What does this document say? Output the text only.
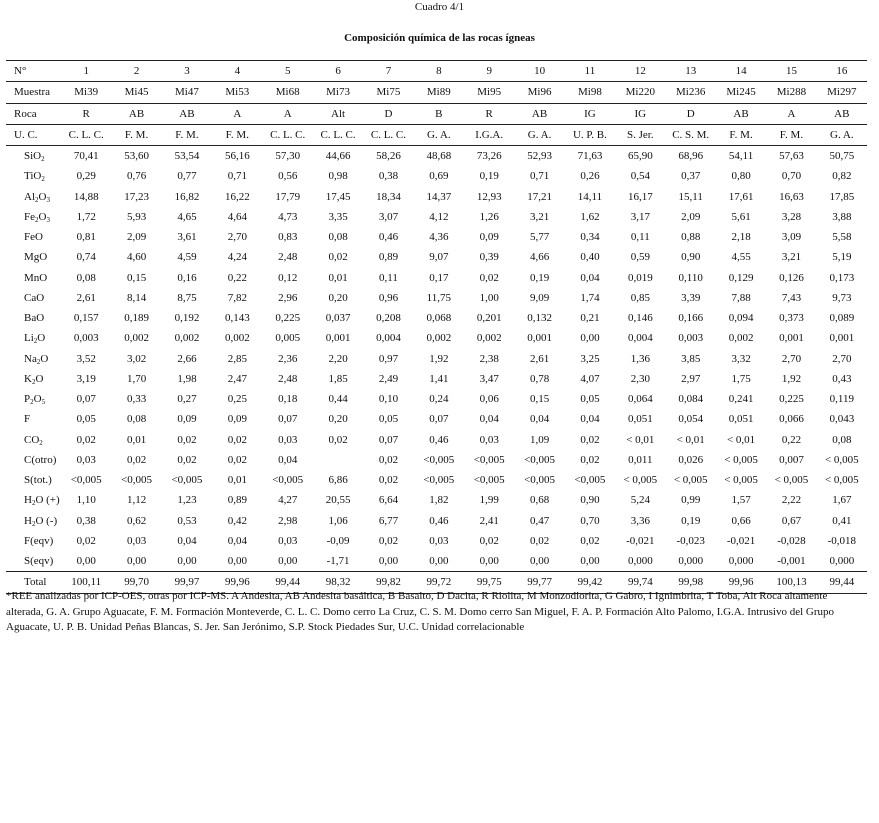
Cuadro 4/1
Composición química de las rocas ígneas
N°	1	2	3	4	5	6	7	8	9	10	11	12	13	14	15	16
Muestra	Mi39	Mi45	Mi47	Mi53	Mi68	Mi73	Mi75	Mi89	Mi95	Mi96	Mi98	Mi220	Mi236	Mi245	Mi288	Mi297
Roca	R	AB	AB	A	A	Alt	D	B	R	AB	IG	IG	D	AB	A	AB
U. C.	C. L. C.	F. M.	F. M.	F. M.	C. L. C.	C. L. C.	C. L. C.	G. A.	I.G.A.	G. A.	U. P. B.	S. Jer.	C. S. M.	F. M.	F. M.	G. A.
SiO$_2$	70,41	53,60	53,54	56,16	57,30	44,66	58,26	48,68	73,26	52,93	71,63	65,90	68,96	54,11	57,63	50,75
TiO$_2$	0,29	0,76	0,77	0,71	0,56	0,98	0,38	0,69	0,19	0,71	0,26	0,54	0,37	0,80	0,70	0,82
$Al_2O_3$	14,88	17,23	16,82	16,22	17,79	17,45	18,34	14,37	12,93	17,21	14,11	16,17	15,11	17,61	16,63	17,85
$Fe_2O_3$	1,72	5,93	4,65	4,64	4,73	3,35	3,07	4,12	1,26	3,21	1,62	3,17	2,09	5,61	3,28	3,88
FeO	0,81	2,09	3,61	2,70	0,83	0,08	0,46	4,36	0,09	5,77	0,34	0,11	0,88	2,18	3,09	5,58
MgO	0,74	4,60	4,59	4,24	2,48	0,02	0,89	9,07	0,39	4,66	0,40	0,59	0,90	4,55	3,21	5,19
MnO	0,08	0,15	0,16	0,22	0,12	0,01	0,11	0,17	0,02	0,19	0,04	0,019	0,110	0,129	0,126	0,173
CaO	2,61	8,14	8,75	7,82	2,96	0,20	0,96	11,75	1,00	9,09	1,74	0,85	3,39	7,88	7,43	9,73
BaO	0,157	0,189	0,192	0,143	0,225	0,037	0,208	0,068	0,201	0,132	0,21	0,146	0,166	0,094	0,373	0,089
$Li_2O$	0,003	0,002	0,002	0,002	0,005	0,001	0,004	0,002	0,002	0,001	0,00	0,004	0,003	0,002	0,001	0,001
$Na_2O$	3,52	3,02	2,66	2,85	2,36	2,20	0,97	1,92	2,38	2,61	3,25	1,36	3,85	3,32	2,70	2,70
$K_2O$	3,19	1,70	1,98	2,47	2,48	1,85	2,49	1,41	3,47	0,78	4,07	2,30	2,97	1,75	1,92	0,43
$P_2O_5$	0,07	0,33	0,27	0,25	0,18	0,44	0,10	0,24	0,06	0,15	0,05	0,064	0,084	0,241	0,225	0,119
F	0,05	0,08	0,09	0,09	0,07	0,20	0,05	0,07	0,04	0,04	0,04	0,051	0,054	0,051	0,066	0,043
$CO_2$	0,02	0,01	0,02	0,02	0,03	0,02	0,07	0,46	0,03	1,09	0,02	< 0,01	< 0,01	< 0,01	0,22	0,08
C(otro)	0,03	0,02	0,02	0,02	0,04		0,02	<0,005	<0,005	<0,005	0,02	0,011	0,026	< 0,005	0,007	< 0,005
S(tot.)	<0,005	<0,005	<0,005	0,01	<0,005	6,86	0,02	<0,005	<0,005	<0,005	<0,005	< 0,005	< 0,005	< 0,005	< 0,005	< 0,005
$H_2O$ (+)	1,10	1,12	1,23	0,89	4,27	20,55	6,64	1,82	1,99	0,68	0,90	5,24	0,99	1,57	2,22	1,67
$H_2O$ (-)	0,38	0,62	0,53	0,42	2,98	1,06	6,77	0,46	2,41	0,47	0,70	3,36	0,19	0,66	0,67	0,41
F(eqv)	0,02	0,03	0,04	0,04	0,03	-0,09	0,02	0,03	0,02	0,02	0,02	-0,021	-0,023	-0,021	-0,028	-0,018
S(eqv)	0,00	0,00	0,00	0,00	0,00	-1,71	0,00	0,00	0,00	0,00	0,00	0,000	0,000	0,000	-0,001	0,000
Total	100,11	99,70	99,97	99,96	99,44	98,32	99,82	99,72	99,75	99,77	99,42	99,74	99,98	99,96	100,13	99,44
*REE analizadas por ICP-OES, otras por ICP-MS. A Andesita, AB Andesita basáltica, B Basalto, D Dacita, R Riolita, M Monzodiorita, G Gabro, I Ignimbrita, T Toba, Alt Roca altamente alterada, G. A. Grupo Aguacate, F. M. Formación Monteverde, C. L. C. Domo cerro La Cruz, C. S. M. Domo cerro San Miguel, F. A. P. Formación Alto Palomo, I.G.A. Intrusivo del Grupo Aguacate, U. P. B. Unidad Peñas Blancas, S. Jer. San Jerónimo, S.P. Stock Piedades Sur, U.C. Unidad correlacionable
